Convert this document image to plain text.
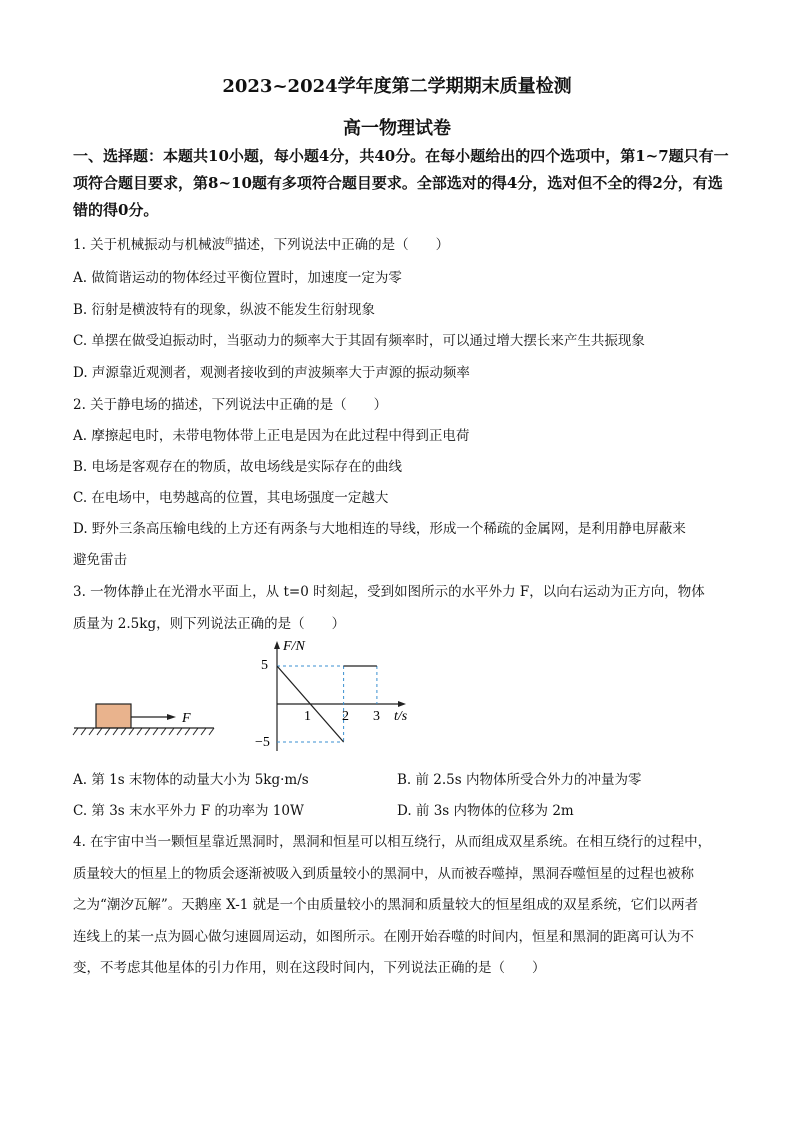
2023~2024学年度第二学期期末质量检测
高一物理试卷
一、选择题：本题共10小题，每小题4分，共40分。在每小题给出的四个选项中，第1~7题只有一项符合题目要求，第8~10题有多项符合题目要求。全部选对的得4分，选对但不全的得2分，有选错的得0分。
1. 关于机械振动与机械波$^的$描述，下列说法中正确的是（　　）
A. 做简谐运动的物体经过平衡位置时，加速度一定为零
B. 衍射是横波特有的现象，纵波不能发生衍射现象
C. 单摆在做受迫振动时，当驱动力的频率大于其固有频率时，可以通过增大摆长来产生共振现象
D. 声源靠近观测者，观测者接收到的声波频率大于声源的振动频率
2. 关于静电场的描述，下列说法中正确的是（　　）
A. 摩擦起电时，未带电物体带上正电是因为在此过程中得到正电荷
B. 电场是客观存在的物质，故电场线是实际存在的曲线
C. 在电场中，电势越高的位置，其电场强度一定越大
D. 野外三条高压输电线的上方还有两条与大地相连的导线，形成一个稀疏的金属网，是利用静电屏蔽来
避免雷击
3. 一物体静止在光滑水平面上，从 t=0 时刻起，受到如图所示的水平外力 F，以向右运动为正方向，物体
质量为 2.5kg，则下列说法正确的是（　　）
F
F/N
t/s
5
−5
1 2 3
A. 第 1s 末物体的动量大小为 5kg·m/s	B. 前 2.5s 内物体所受合外力的冲量为零
C. 第 3s 末水平外力 F 的功率为 10W	D. 前 3s 内物体的位移为 2m
4. 在宇宙中当一颗恒星靠近黑洞时，黑洞和恒星可以相互绕行，从而组成双星系统。在相互绕行的过程中，
质量较大的恒星上的物质会逐渐被吸入到质量较小的黑洞中，从而被吞噬掉，黑洞吞噬恒星的过程也被称
之为“潮汐瓦解”。天鹅座 X-1 就是一个由质量较小的黑洞和质量较大的恒星组成的双星系统，它们以两者
连线上的某一点为圆心做匀速圆周运动，如图所示。在刚开始吞噬的时间内，恒星和黑洞的距离可认为不
变，不考虑其他星体的引力作用，则在这段时间内，下列说法正确的是（　　）
